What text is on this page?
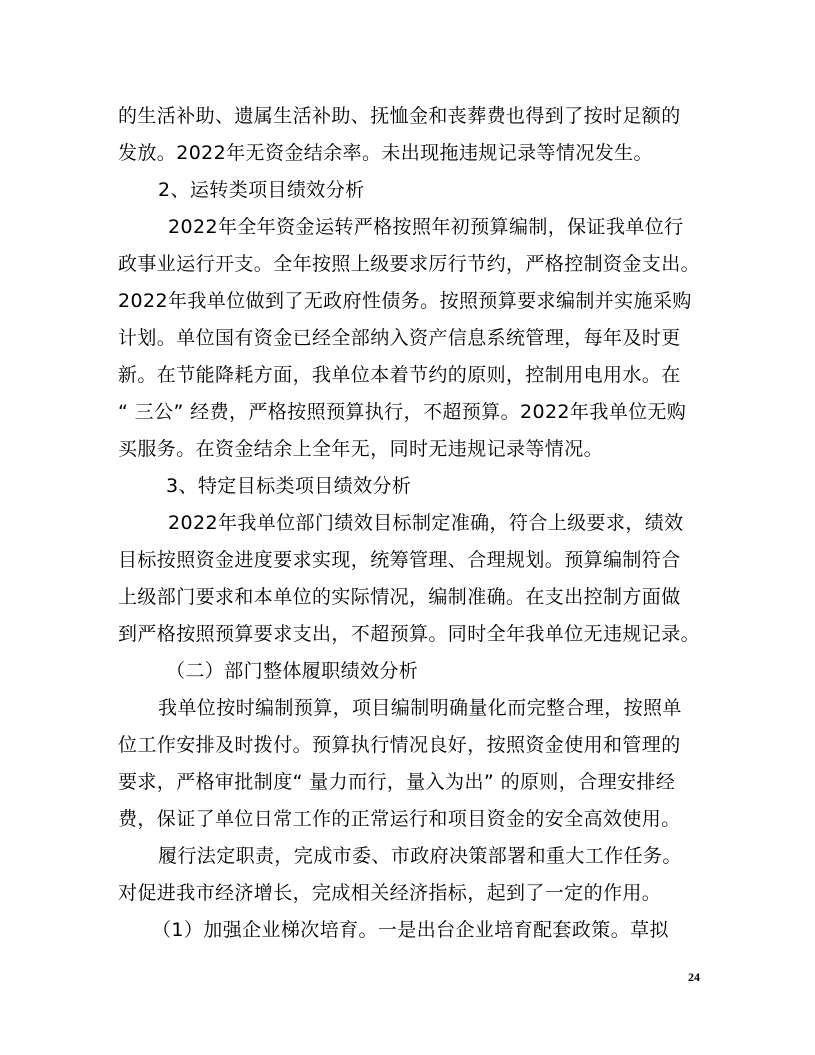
的生活补助、遗属生活补助、抚恤金和丧葬费也得到了按时足额的
发放。2022年无资金结余率。未出现拖违规记录等情况发生。
2、运转类项目绩效分析
2022年全年资金运转严格按照年初预算编制，保证我单位行
政事业运行开支。全年按照上级要求厉行节约，严格控制资金支出。
2022年我单位做到了无政府性债务。按照预算要求编制并实施采购
计划。单位国有资金已经全部纳入资产信息系统管理，每年及时更
新。在节能降耗方面，我单位本着节约的原则，控制用电用水。在
“ 三公” 经费，严格按照预算执行，不超预算。2022年我单位无购
买服务。在资金结余上全年无，同时无违规记录等情况。
3、特定目标类项目绩效分析
2022年我单位部门绩效目标制定准确，符合上级要求，绩效
目标按照资金进度要求实现，统筹管理、合理规划。预算编制符合
上级部门要求和本单位的实际情况，编制准确。在支出控制方面做
到严格按照预算要求支出，不超预算。同时全年我单位无违规记录。
（二）部门整体履职绩效分析
我单位按时编制预算，项目编制明确量化而完整合理，按照单
位工作安排及时拨付。预算执行情况良好，按照资金使用和管理的
要求，严格审批制度“ 量力而行，量入为出” 的原则，合理安排经
费，保证了单位日常工作的正常运行和项目资金的安全高效使用。
履行法定职责，完成市委、市政府决策部署和重大工作任务。
对促进我市经济增长，完成相关经济指标，起到了一定的作用。
（1）加强企业梯次培育。一是出台企业培育配套政策。草拟
24
